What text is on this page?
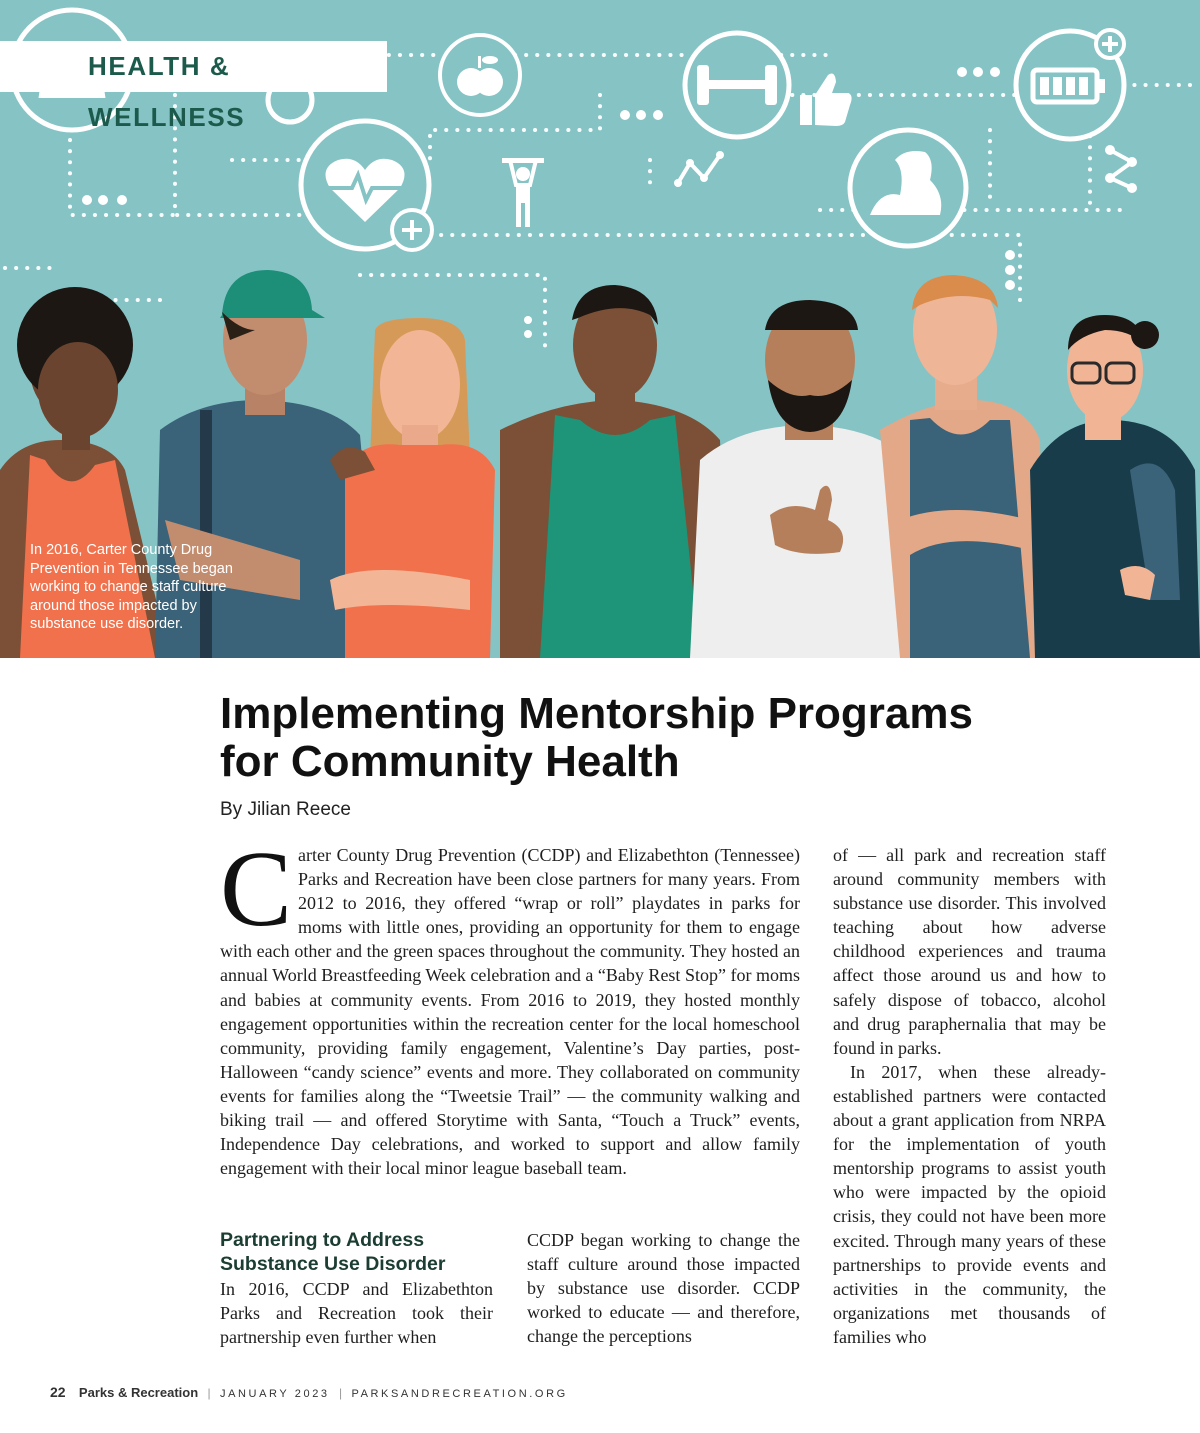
HEALTH & WELLNESS
In 2016, Carter County Drug Prevention in Tennessee began working to change staff culture around those impacted by substance use disorder.
Implementing Mentorship Programs
for Community Health
By Jilian Reece

Carter County Drug Prevention (CCDP) and Elizabethton (Tennessee) Parks and Recreation have been close partners for many years. From 2012 to 2016, they offered “wrap or roll” playdates in parks for moms with little ones, providing an opportunity for them to engage with each other and the green spaces throughout the community. They hosted an annual World Breastfeeding Week celebration and a “Baby Rest Stop” for moms and babies at community events. From 2016 to 2019, they hosted monthly engagement opportunities within the recreation center for the local homeschool community, providing family engagement, Valentine’s Day parties, post-Halloween “candy science” events and more. They collaborated on community events for families along the “Tweetsie Trail” — the community walking and biking trail — and offered Storytime with Santa, “Touch a Truck” events, Independence Day celebrations, and worked to support and allow family engagement with their local minor league baseball team.

Partnering to Address Substance Use Disorder

In 2016, CCDP and Elizabethton Parks and Recreation took their partnership even further when

CCDP began working to change the staff culture around those impacted by substance use disorder. CCDP worked to educate — and therefore, change the perceptions

of — all park and recreation staff around community members with substance use disorder. This involved teaching about how adverse childhood experiences and trauma affect those around us and how to safely dispose of tobacco, alcohol and drug paraphernalia that may be found in parks.

In 2017, when these already-established partners were contacted about a grant application from NRPA for the implementation of youth mentorship programs to assist youth who were impacted by the opioid crisis, they could not have been more excited. Through many years of these partnerships to provide events and activities in the community, the organizations met thousands of families who

22 Parks & Recreation | JANUARY 2023 | PARKSANDRECREATION.ORG
